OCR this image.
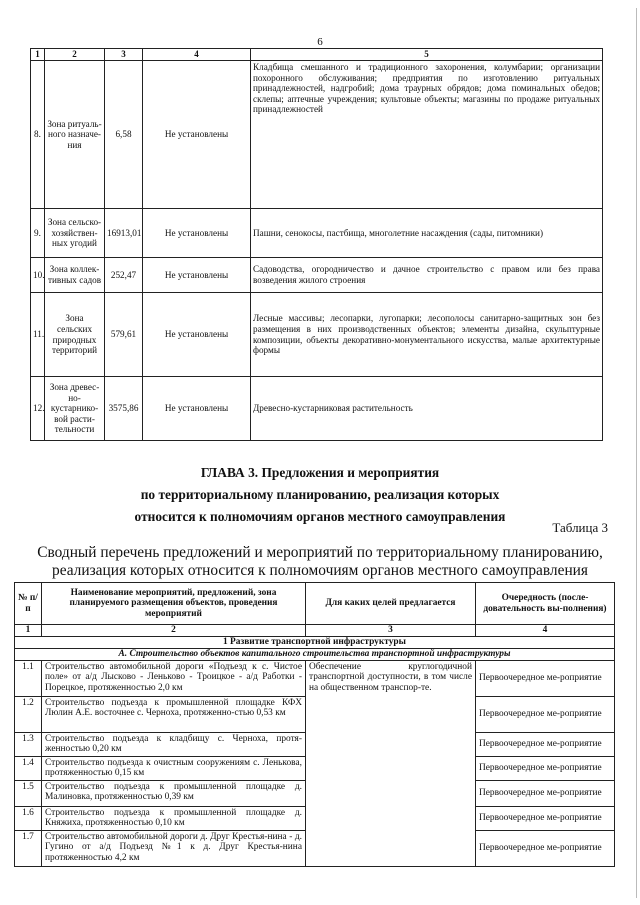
6
1	2	3	4	5
8.	Зона ритуаль-ного назначе-ния	6,58	Не установлены	Кладбища смешанного и традиционного захоронения, колумбарии; организации похоронного обслуживания; предприятия по изготовлению ритуальных принадлежностей, надгробий; дома траурных обрядов; дома поминальных обедов; склепы; аптечные учреждения; культовые объекты; магазины по продаже ритуальных принадлежностей
9.	Зона сельско-хозяйствен-ных угодий	16913,01	Не установлены	Пашни, сенокосы, пастбища, многолетние насаждения (сады, питомники)
10.	Зона коллек-тивных садов	252,47	Не установлены	Садоводства, огородничество и дачное строительство с правом или без права возведения жилого строения
11.	Зона сельских природных территорий	579,61	Не установлены	Лесные массивы; лесопарки, лугопарки; лесополосы санитарно-защитных зон без размещения в них производственных объектов; элементы дизайна, скульптурные композиции, объекты декоративно-монументального искусства, малые архитектурные формы
12.	Зона древес-но-кустарнико-вой расти-тельности	3575,86	Не установлены	Древесно-кустарниковая растительность
ГЛАВА 3. Предложения и мероприятия
по территориальному планированию, реализация которых
относится к полномочиям органов местного самоуправления
Таблица 3
Сводный перечень предложений и мероприятий по территориальному планированию, реализация которых относится к полномочиям органов местного самоуправления
№ п/п	Наименование мероприятий, предложений, зона планируемого размещения объектов, проведения мероприятий	Для каких целей предлагается	Очередность (после-довательность вы-полнения)
1	2	3	4
1 Развитие транспортной инфраструктуры			
А. Строительство объектов капитального строительства транспортной инфраструктуры			
1.1	Строительство автомобильной дороги «Подъезд к с. Чистое поле» от а/д Лысково - Леньково - Троицкое - а/д Работки - Порецкое, протяженностью 2,0 км	Обеспечение круглогодичной транспортной доступности, в том числе на общественном транспор-те.	Первоочередное ме-роприятие
1.2	Строительство подъезда к промышленной площадке КФХ Люлин А.Е. восточнее с. Черноха, протяженно-стью 0,53 км		Первоочередное ме-роприятие
1.3	Строительство подъезда к кладбищу с. Черноха, протя-женностью 0,20 км		Первоочередное ме-роприятие
1.4	Строительство подъезда к очистным сооружениям с. Ленькова, протяженностью 0,15 км		Первоочередное ме-роприятие
1.5	Строительство подъезда к промышленной площадке д. Малиновка, протяженностью 0,39 км		Первоочередное ме-роприятие
1.6	Строительство подъезда к промышленной площадке д. Княжиха, протяженностью 0,10 км		Первоочередное ме-роприятие
1.7	Строительство автомобильной дороги д. Друг Крестья-нина - д. Гугино от а/д Подъезд №1 к д. Друг Крестья-нина протяженностью 4,2 км		Первоочередное ме-роприятие
